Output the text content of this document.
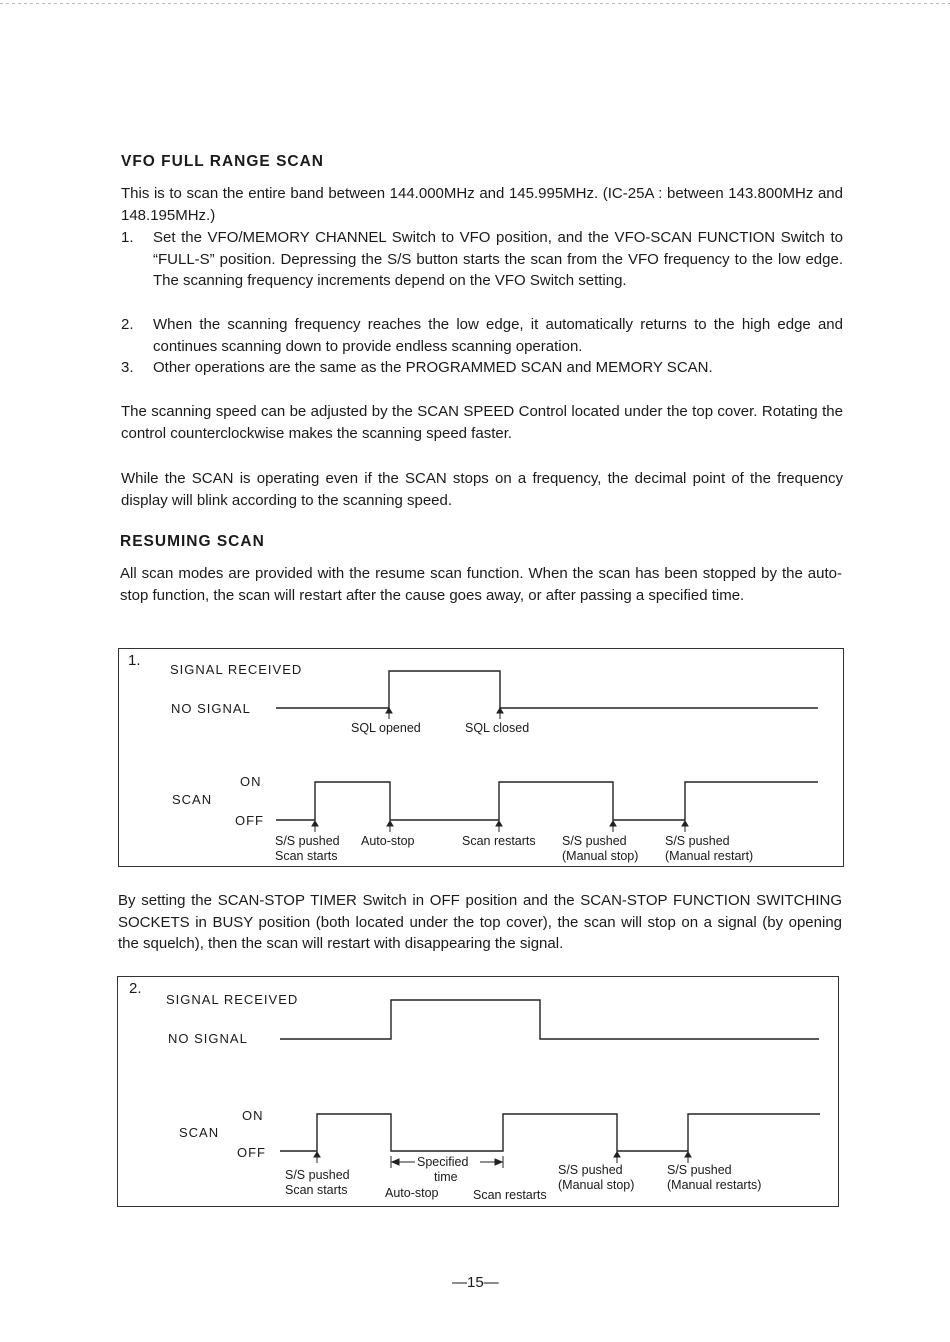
VFO FULL RANGE SCAN

This is to scan the entire band between 144.000MHz and 145.995MHz. (IC-25A : between 143.800MHz and 148.195MHz.)

1. Set the VFO/MEMORY CHANNEL Switch to VFO position, and the VFO-SCAN FUNCTION Switch to “FULL-S” position. Depressing the S/S button starts the scan from the VFO frequency to the low edge. The scanning frequency increments depend on the VFO Switch setting.
2. When the scanning frequency reaches the low edge, it automatically returns to the high edge and continues scanning down to provide endless scanning operation.
3. Other operations are the same as the PROGRAMMED SCAN and MEMORY SCAN.

The scanning speed can be adjusted by the SCAN SPEED Control located under the top cover. Rotating the control counterclockwise makes the scanning speed faster.

While the SCAN is operating even if the SCAN stops on a frequency, the decimal point of the frequency display will blink according to the scanning speed.

RESUMING SCAN

All scan modes are provided with the resume scan function. When the scan has been stopped by the auto-stop function, the scan will restart after the cause goes away, or after passing a specified time.

1.
SIGNAL RECEIVED
NO SIGNAL
SQL opened	SQL closed
ON
SCAN
OFF
S/S pushed
Scan starts
Auto-stop	Scan restarts S/S pushed
(Manual stop)
S/S pushed
(Manual restart)

By setting the SCAN-STOP TIMER Switch in OFF position and the SCAN-STOP FUNCTION SWITCHING SOCKETS in BUSY position (both located under the top cover), the scan will stop on a signal (by opening the squelch), then the scan will restart with disappearing the signal.

2.
SIGNAL RECEIVED
NO SIGNAL
ON
SCAN
OFF
S/S pushed
Scan starts
Specified
time
Auto-stop	Scan restarts
S/S pushed
(Manual stop)
S/S pushed
(Manual restarts)
—15—
